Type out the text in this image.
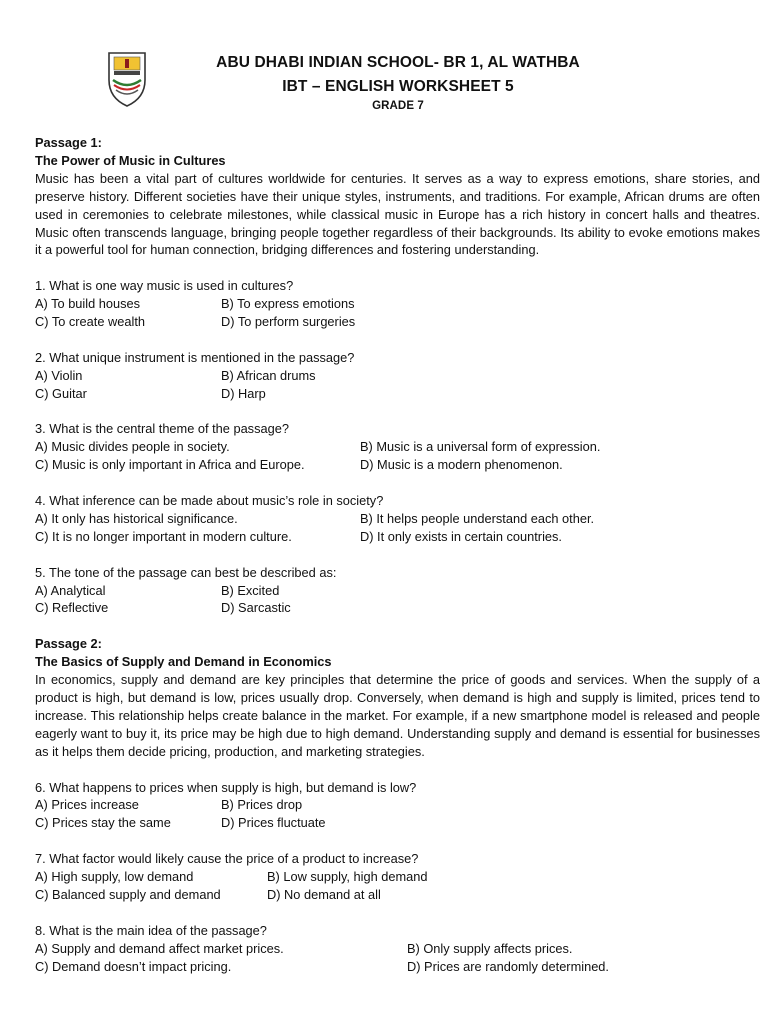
ABU DHABI INDIAN SCHOOL- BR 1, AL WATHBA
IBT – ENGLISH WORKSHEET 5
GRADE 7
Passage 1:
The Power of Music in Cultures
Music has been a vital part of cultures worldwide for centuries. It serves as a way to express emotions, share stories, and preserve history. Different societies have their unique styles, instruments, and traditions. For example, African drums are often used in ceremonies to celebrate milestones, while classical music in Europe has a rich history in concert halls and theatres. Music often transcends language, bringing people together regardless of their backgrounds. Its ability to evoke emotions makes it a powerful tool for human connection, bridging differences and fostering understanding.
1. What is one way music is used in cultures?
A) To build houses	B) To express emotions
C) To create wealth	D) To perform surgeries
2. What unique instrument is mentioned in the passage?
A) Violin	B) African drums
C) Guitar	D) Harp
3. What is the central theme of the passage?
A) Music divides people in society.	B) Music is a universal form of expression.
C) Music is only important in Africa and Europe.	D) Music is a modern phenomenon.
4. What inference can be made about music’s role in society?
A) It only has historical significance.	B) It helps people understand each other.
C) It is no longer important in modern culture.	D) It only exists in certain countries.
5. The tone of the passage can best be described as:
A) Analytical	B) Excited
C) Reflective	D) Sarcastic
Passage 2:
The Basics of Supply and Demand in Economics
In economics, supply and demand are key principles that determine the price of goods and services. When the supply of a product is high, but demand is low, prices usually drop. Conversely, when demand is high and supply is limited, prices tend to increase. This relationship helps create balance in the market. For example, if a new smartphone model is released and people eagerly want to buy it, its price may be high due to high demand. Understanding supply and demand is essential for businesses as it helps them decide pricing, production, and marketing strategies.
6. What happens to prices when supply is high, but demand is low?
A) Prices increase	B) Prices drop
C) Prices stay the same	D) Prices fluctuate
7. What factor would likely cause the price of a product to increase?
A) High supply, low demand	B) Low supply, high demand
C) Balanced supply and demand	D) No demand at all
8. What is the main idea of the passage?
A) Supply and demand affect market prices.	B) Only supply affects prices.
C) Demand doesn’t impact pricing.	D) Prices are randomly determined.
